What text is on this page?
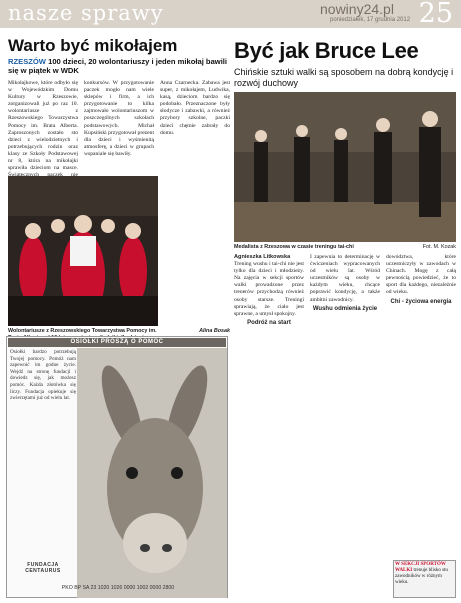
nasze sprawy	nowiny24.pl
poniedziałek, 17 grudnia 2012 25
Warto być mikołajem
RZESZÓW 100 dzieci, 20 wolontariuszy i jeden mikołaj bawili się w piątek w WDK

Mikołajkowe, które odbyło się w Wojewódzkim Domu Kultury w Rzeszowie, zorganizowali już po raz 10. wolontariusze z Rzeszowskiego Towarzystwa Pomocy im. Brata Alberta. Zaproszonych zostało sto dzieci z wielodzietnych i potrzebujących rodzin oraz klasy ze Szkoły Podstawowej nr 8, która na mikołajki sprawiła dzieciom na masce.

konkursów. W przygotowanie paczek mogło nam wiele sklepów i firm, a ich przygotowanie to kilka zajmowało wolontariuszom w poszczególnych szkołach podstawowych. Michał Kupsiński przygotował prezent dla dzieci i wyśmienitą atmosferę, a dzieci w grupach wspaniale się bawiły.

Anna Czarnecka. Zabawa jest super, z mikołajem, Ludwika, kasą, dzieciom bardzo się podobało. Przeznaczone były słodycze i zabawki, a również przybory szkolne, paczki dzieci chętnie zabrały do domu.

Wolontariusze z Rzeszowskiego Towarzystwa Pomocy im.	Alina Bosak
OSIOŁKI PROSZĄ O POMOC
Osiołki bardzo potrzebują Twojej pomocy. Pomóż nam zapewnić im godne życie. Wejdź na stronę fundacji i dowiedz się, jak możesz pomóc. Każda złotówka się liczy. Fundacja opiekuje się zwierzętami już od wielu lat.
FUNDACJA CENTAURUS
PKO BP SA 23 1020 1026 0000 1002 0000 2800
Być jak Bruce Lee
Chińskie sztuki walki są sposobem na dobrą kondycję i rozwój duchowy
Medalista z Rzeszowa w czasie treningu tai-chi	Fot. M. Kozak

Agnieszka Litkowska

Trening wushu i tai-chi nie jest tylko dla dzieci i młodzieży. Na zajęcia w sekcji sportów walki prowadzone przez trenerów przychodzą również osoby starsze. Treningi sprawiają, że ciało jest sprawne, a umysł spokojny.

Podróż na start

I zapewnia to determinację w ćwiczeniach wypracowanych od wielu lat. Wśród uczestników są osoby w każdym wieku, chcące poprawić kondycję, a także ambitni zawodnicy.

Wushu odmienia życie

dowództwa, które uczestniczyły w zawodach w Chinach. Mogę z całą pewnością powiedzieć, że to sport dla każdego, niezależnie od wieku.

Chi - życiowa energia
W SEKCJI SPORTÓW WALKI trenuje blisko stu zawodników w różnym wieku.
